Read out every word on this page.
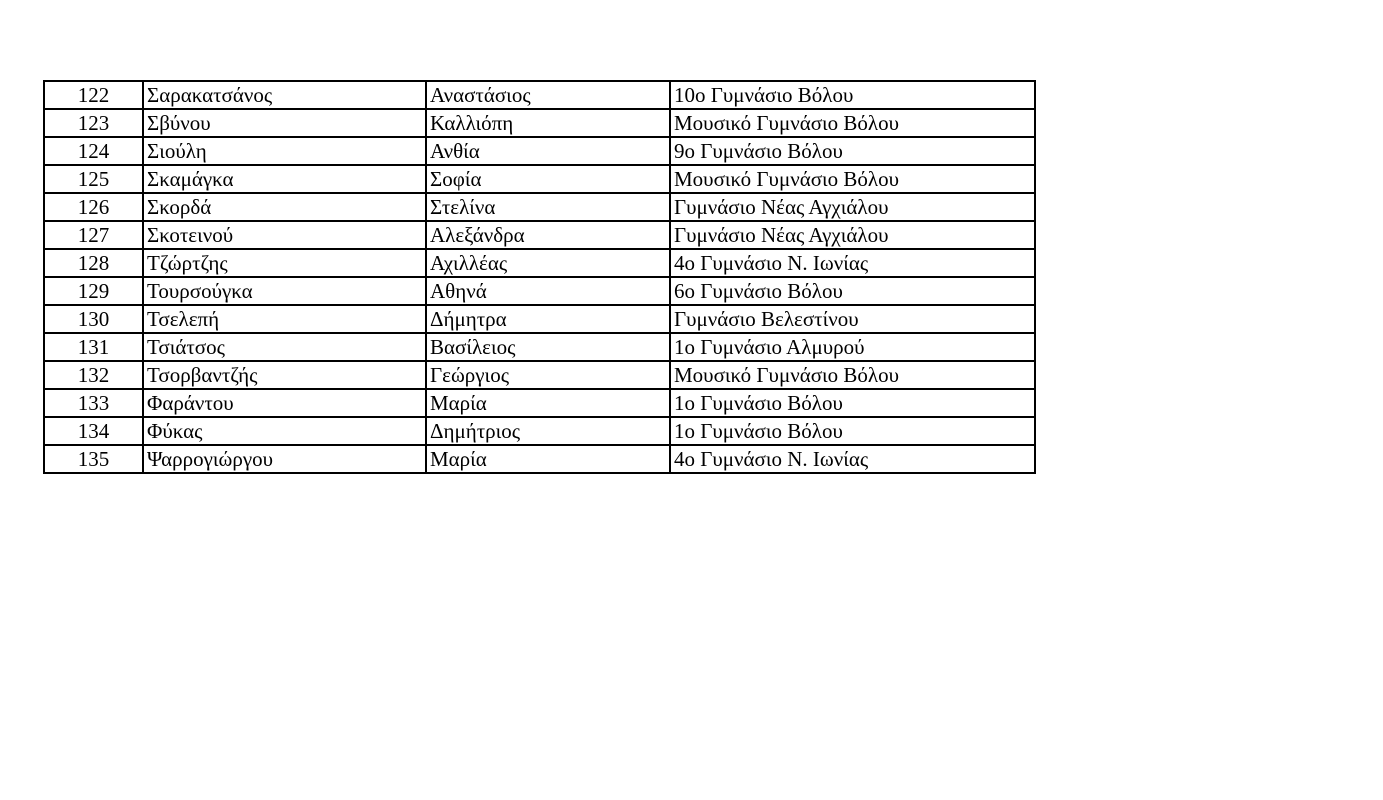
122	Σαρακατσάνος	Αναστάσιος	10ο Γυμνάσιο Βόλου
123	Σβύνου	Καλλιόπη	Μουσικό Γυμνάσιο Βόλου
124	Σιούλη	Ανθία	9ο Γυμνάσιο Βόλου
125	Σκαμάγκα	Σοφία	Μουσικό Γυμνάσιο Βόλου
126	Σκορδά	Στελίνα	Γυμνάσιο Νέας Αγχιάλου
127	Σκοτεινού	Αλεξάνδρα	Γυμνάσιο Νέας Αγχιάλου
128	Τζώρτζης	Αχιλλέας	4ο Γυμνάσιο Ν. Ιωνίας
129	Τουρσούγκα	Αθηνά	6ο Γυμνάσιο Βόλου
130	Τσελεπή	Δήμητρα	Γυμνάσιο Βελεστίνου
131	Τσιάτσος	Βασίλειος	1ο Γυμνάσιο Αλμυρού
132	Τσορβαντζής	Γεώργιος	Μουσικό Γυμνάσιο Βόλου
133	Φαράντου	Μαρία	1ο Γυμνάσιο Βόλου
134	Φύκας	Δημήτριος	1ο Γυμνάσιο Βόλου
135	Ψαρρογιώργου	Μαρία	4ο Γυμνάσιο Ν. Ιωνίας
